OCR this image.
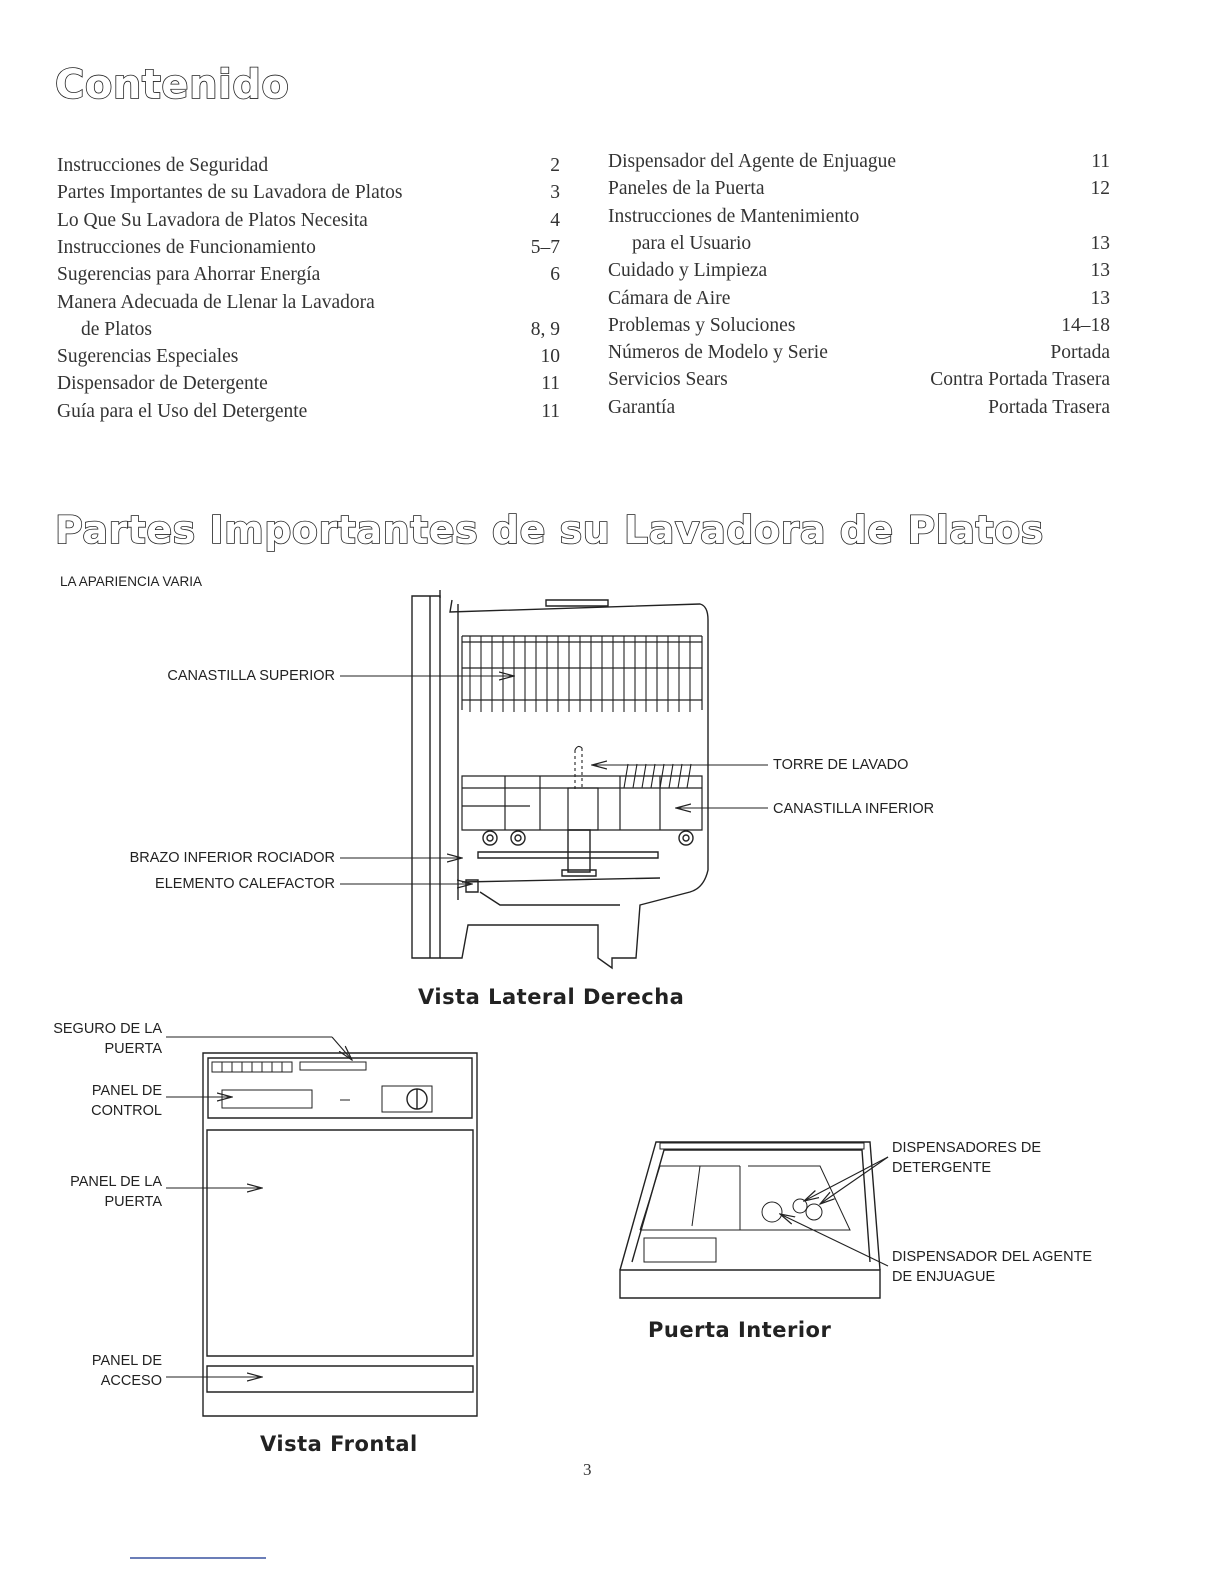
Contenido
Instrucciones de Seguridad	2
Partes Importantes de su Lavadora de Platos	3
Lo Que Su Lavadora de Platos Necesita	4
Instrucciones de Funcionamiento	5–7
Sugerencias para Ahorrar Energía	6
Manera Adecuada de Llenar la Lavadora
de Platos	8, 9
Sugerencias Especiales	10
Dispensador de Detergente	11
Guía para el Uso del Detergente	11
Dispensador del Agente de Enjuague	11
Paneles de la Puerta	12
Instrucciones de Mantenimiento
para el Usuario	13
Cuidado y Limpieza	13
Cámara de Aire	13
Problemas y Soluciones	14–18
Números de Modelo y Serie	Portada
Servicios Sears	Contra Portada Trasera
Garantía	Portada Trasera
Partes Importantes de su Lavadora de Platos
LA APARIENCIA VARIA
CANASTILLA SUPERIOR
TORRE DE LAVADO
CANASTILLA INFERIOR
BRAZO INFERIOR ROCIADOR
ELEMENTO CALEFACTOR
Vista Lateral Derecha
SEGURO DE LA
PUERTA
PANEL DE
CONTROL
PANEL DE LA
PUERTA
PANEL DE
ACCESO
Vista Frontal
DISPENSADORES DE
DETERGENTE
DISPENSADOR DEL AGENTE
DE ENJUAGUE
Puerta Interior
3
